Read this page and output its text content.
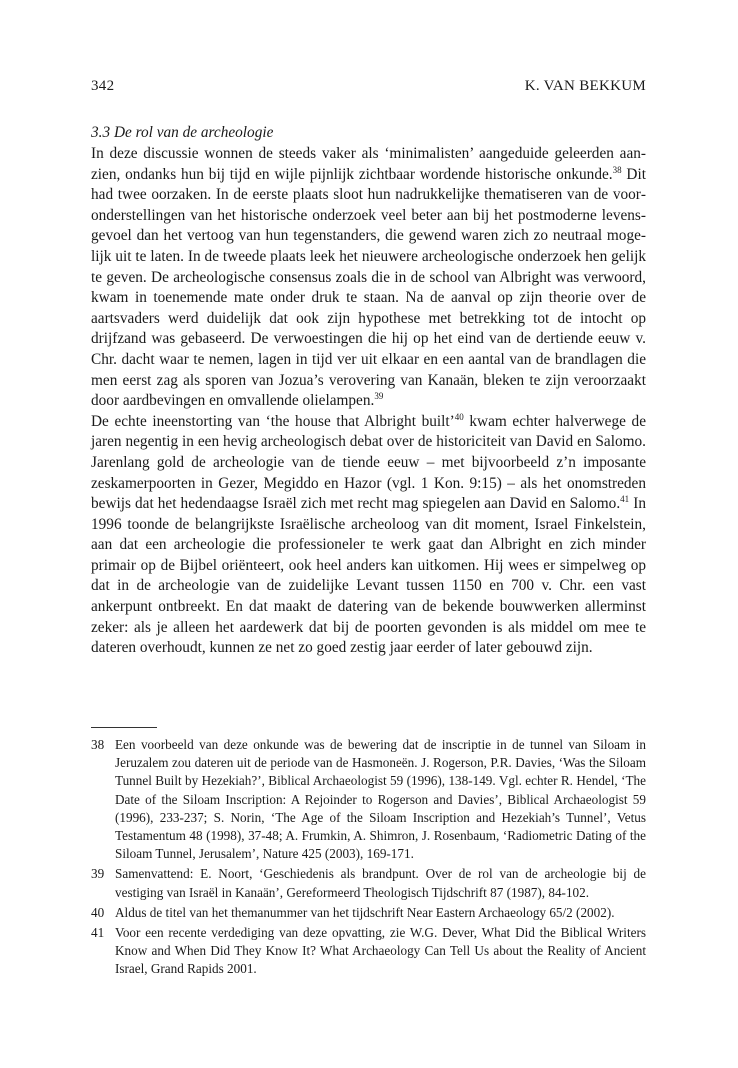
342	K. VAN BEKKUM
3.3 De rol van de archeologie

In deze discussie wonnen de steeds vaker als ‘minimalisten’ aangeduide geleerden aanzien, ondanks hun bij tijd en wijle pijnlijk zichtbaar wordende historische onkunde.$^{38}$ Dit had twee oorzaken. In de eerste plaats sloot hun nadrukkelijke thematiseren van de vooronderstellingen van het historische onderzoek veel beter aan bij het postmoderne levensgevoel dan het vertoog van hun tegenstanders, die gewend waren zich zo neutraal mogelijk uit te laten. In de tweede plaats leek het nieuwere archeologische onderzoek hen gelijk te geven. De archeologische consensus zoals die in de school van Albright was verwoord, kwam in toenemende mate onder druk te staan. Na de aanval op zijn theorie over de aartsvaders werd duidelijk dat ook zijn hypothese met betrekking tot de intocht op drijfzand was gebaseerd. De verwoestingen die hij op het eind van de dertiende eeuw v. Chr. dacht waar te nemen, lagen in tijd ver uit elkaar en een aantal van de brandlagen die men eerst zag als sporen van Jozua’s verovering van Kanaän, bleken te zijn veroorzaakt door aardbevingen en omvallende olielampen.$^{39}$

De echte ineenstorting van ‘the house that Albright built’$^{40}$ kwam echter halverwege de jaren negentig in een hevig archeologisch debat over de historiciteit van David en Salomo. Jarenlang gold de archeologie van de tiende eeuw – met bijvoorbeeld z’n imposante zeskamerpoorten in Gezer, Megiddo en Hazor (vgl. 1 Kon. 9:15) – als het onomstreden bewijs dat het hedendaagse Israël zich met recht mag spiegelen aan David en Salomo.$^{41}$ In 1996 toonde de belangrijkste Israëlische archeoloog van dit moment, Israel Finkelstein, aan dat een archeologie die professioneler te werk gaat dan Albright en zich minder primair op de Bijbel oriënteert, ook heel anders kan uitkomen. Hij wees er simpelweg op dat in de archeologie van de zuidelijke Levant tussen 1150 en 700 v. Chr. een vast ankerpunt ontbreekt. En dat maakt de datering van de bekende bouwwerken allerminst zeker: als je alleen het aardewerk dat bij de poorten gevonden is als middel om mee te dateren overhoudt, kunnen ze net zo goed zestig jaar eerder of later gebouwd zijn.

38 Een voorbeeld van deze onkunde was de bewering dat de inscriptie in de tunnel van Siloam in Jeruzalem zou dateren uit de periode van de Hasmoneën. J. Rogerson, P.R. Davies, ‘Was the Siloam Tunnel Built by Hezekiah?’, Biblical Archaeologist 59 (1996), 138-149. Vgl. echter R. Hendel, ‘The Date of the Siloam Inscription: A Rejoinder to Rogerson and Davies’, Biblical Archaeologist 59 (1996), 233-237; S. Norin, ‘The Age of the Siloam Inscription and Hezekiah’s Tunnel’, Vetus Testamentum 48 (1998), 37-48; A. Frumkin, A. Shimron, J. Rosenbaum, ‘Radiometric Dating of the Siloam Tunnel, Jerusalem’, Nature 425 (2003), 169-171.
39 Samenvattend: E. Noort, ‘Geschiedenis als brandpunt. Over de rol van de archeologie bij de vestiging van Israël in Kanaän’, Gereformeerd Theologisch Tijdschrift 87 (1987), 84-102.
40 Aldus de titel van het themanummer van het tijdschrift Near Eastern Archaeology 65/2 (2002).
41 Voor een recente verdediging van deze opvatting, zie W.G. Dever, What Did the Biblical Writers Know and When Did They Know It? What Archaeology Can Tell Us about the Reality of Ancient Israel, Grand Rapids 2001.
